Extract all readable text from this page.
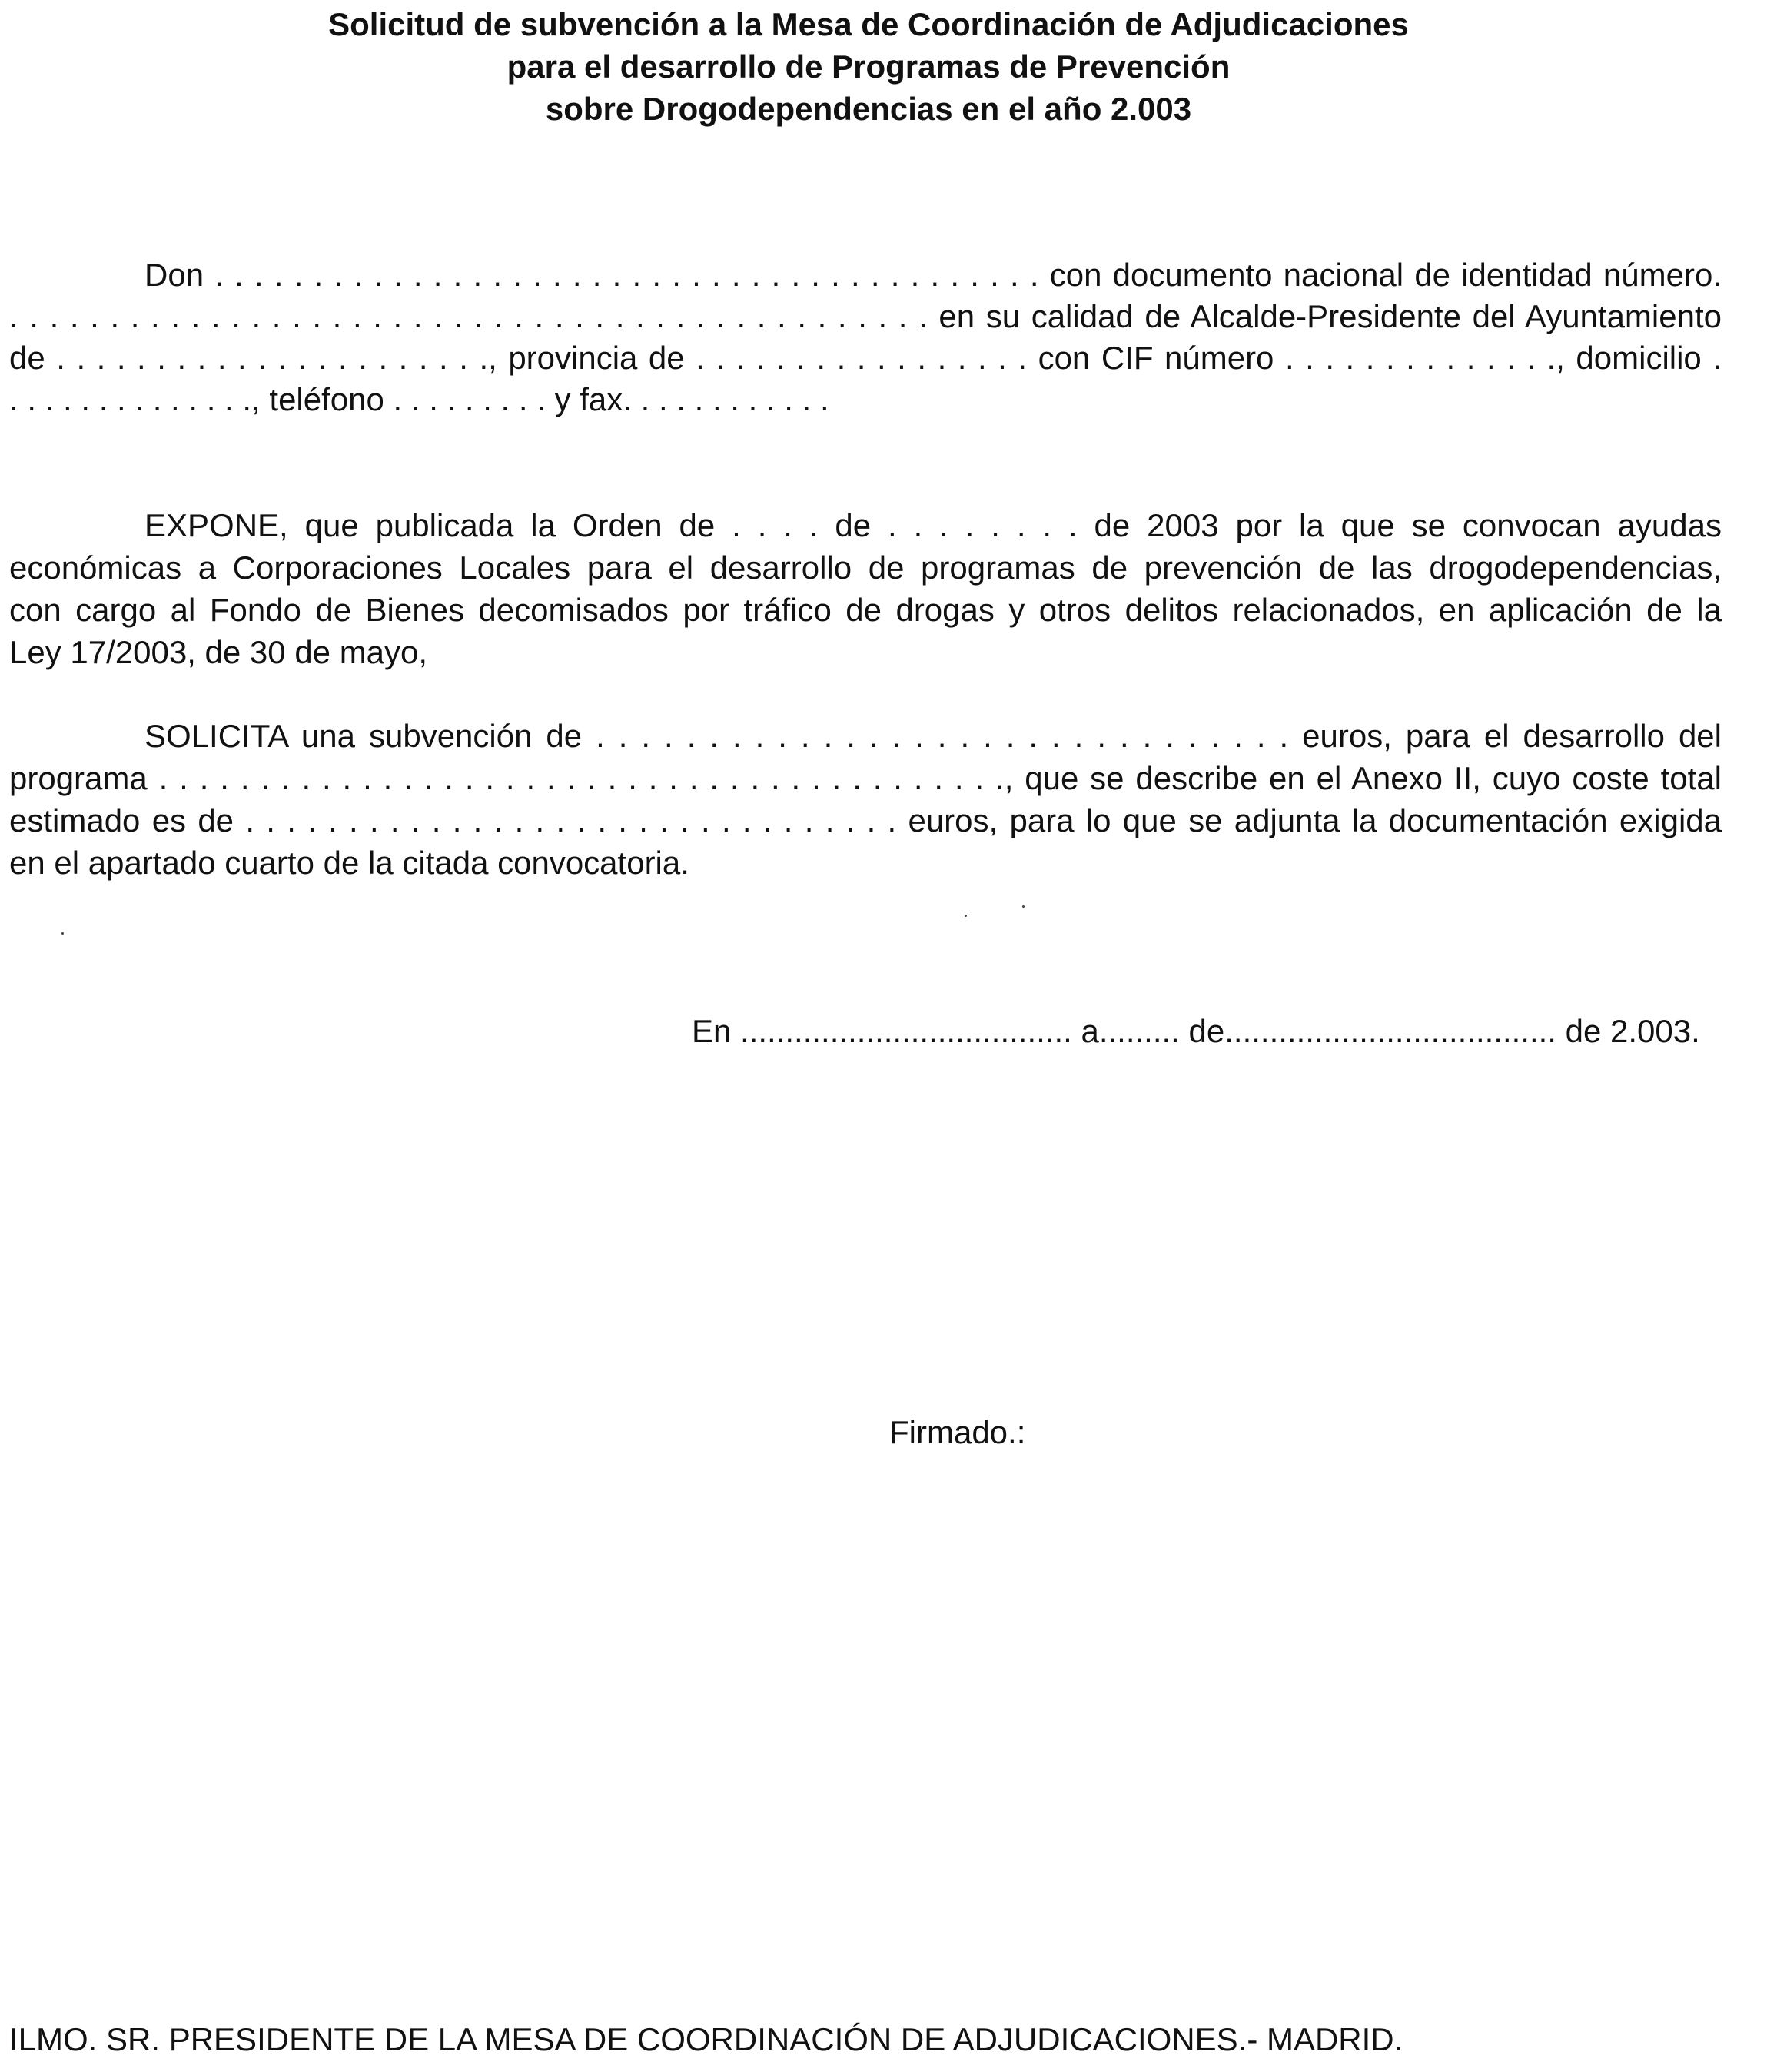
Solicitud de subvención a la Mesa de Coordinación de Adjudicaciones
para el desarrollo de Programas de Prevención
sobre Drogodependencias en el año 2.003
Don . . . . . . . . . . . . . . . . . . . . . . . . . . . . . . . . . . . . . . . . . . con documento nacional de identidad número.
. . . . . . . . . . . . . . . . . . . . . . . . . . . . . . . . . . . . . . . . . . . . . . en su calidad de Alcalde-Presidente del Ayuntamiento
de . . . . . . . . . . . . . . . . . . . . . ., provincia de . . . . . . . . . . . . . . . . . con CIF número . . . . . . . . . . . . . ., domicilio .
. . . . . . . . . . . . . ., teléfono . . . . . . . . . y fax. . . . . . . . . . . .
EXPONE, que publicada la Orden de . . . . de . . . . . . . . de 2003 por la que se convocan ayudas
económicas a Corporaciones Locales para el desarrollo de programas de prevención de las drogodependencias,
con cargo al Fondo de Bienes decomisados por tráfico de drogas y otros delitos relacionados, en aplicación de la
Ley 17/2003, de 30 de mayo,
SOLICITA una subvención de . . . . . . . . . . . . . . . . . . . . . . . . . . . . . . . euros, para el desarrollo del
programa . . . . . . . . . . . . . . . . . . . . . . . . . . . . . . . . . . . . . . . . . ., que se describe en el Anexo II, cuyo coste total
estimado es de . . . . . . . . . . . . . . . . . . . . . . . . . . . . . . . . euros, para lo que se adjunta la documentación exigida
en el apartado cuarto de la citada convocatoria.
En ..................................... a......... de..................................... de 2.003.
Firmado.:
ILMO. SR. PRESIDENTE DE LA MESA DE COORDINACIÓN DE ADJUDICACIONES.- MADRID.
